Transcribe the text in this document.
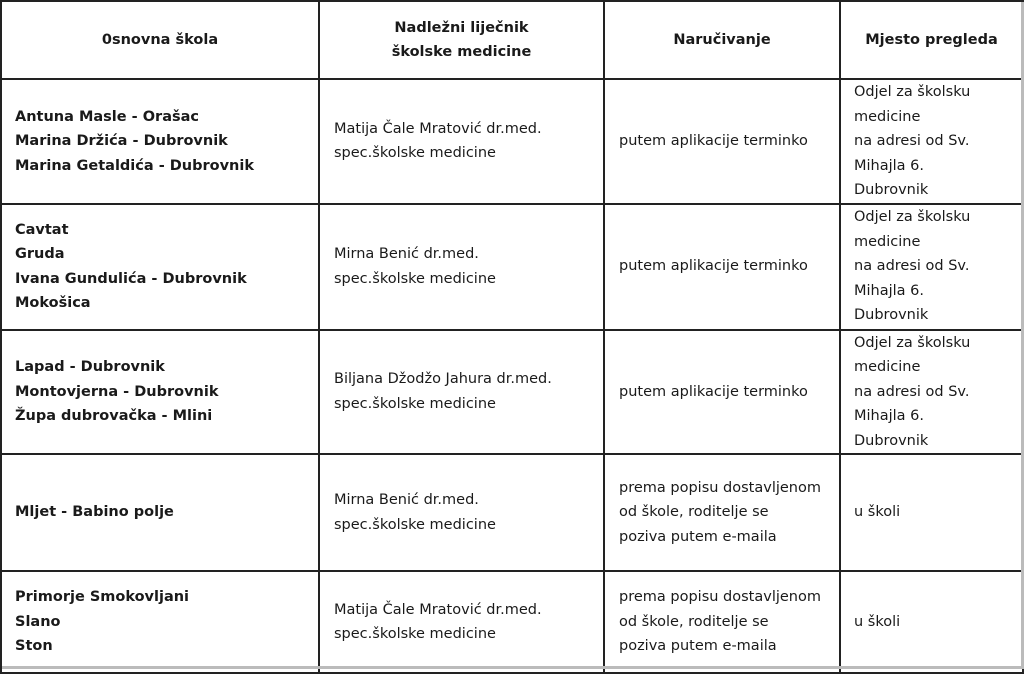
0snovna škola	Nadležni liječnik
školske medicine	Naručivanje	Mjesto pregleda

Antuna Masle - Orašac
Marina Držića - Dubrovnik
Marina Getaldića - Dubrovnik	Matija Čale Mratović dr.med.
spec.školske medicine	putem aplikacije terminko	Odjel za školsku
medicine
na adresi od Sv.
Mihajla 6.
Dubrovnik

Cavtat
Gruda
Ivana Gundulića - Dubrovnik
Mokošica	Mirna Benić dr.med.
spec.školske medicine	putem aplikacije terminko	Odjel za školsku
medicine
na adresi od Sv.
Mihajla 6.
Dubrovnik

Lapad - Dubrovnik
Montovjerna - Dubrovnik
Župa dubrovačka - Mlini	Biljana Džodžo Jahura dr.med.
spec.školske medicine	putem aplikacije terminko	Odjel za školsku
medicine
na adresi od Sv.
Mihajla 6.
Dubrovnik

Mljet - Babino polje	Mirna Benić dr.med.
spec.školske medicine	prema popisu dostavljenom
od škole, roditelje se
poziva putem e-maila	u školi

Primorje Smokovljani
Slano
Ston	Matija Čale Mratović dr.med.
spec.školske medicine	prema popisu dostavljenom
od škole, roditelje se
poziva putem e-maila	u školi
